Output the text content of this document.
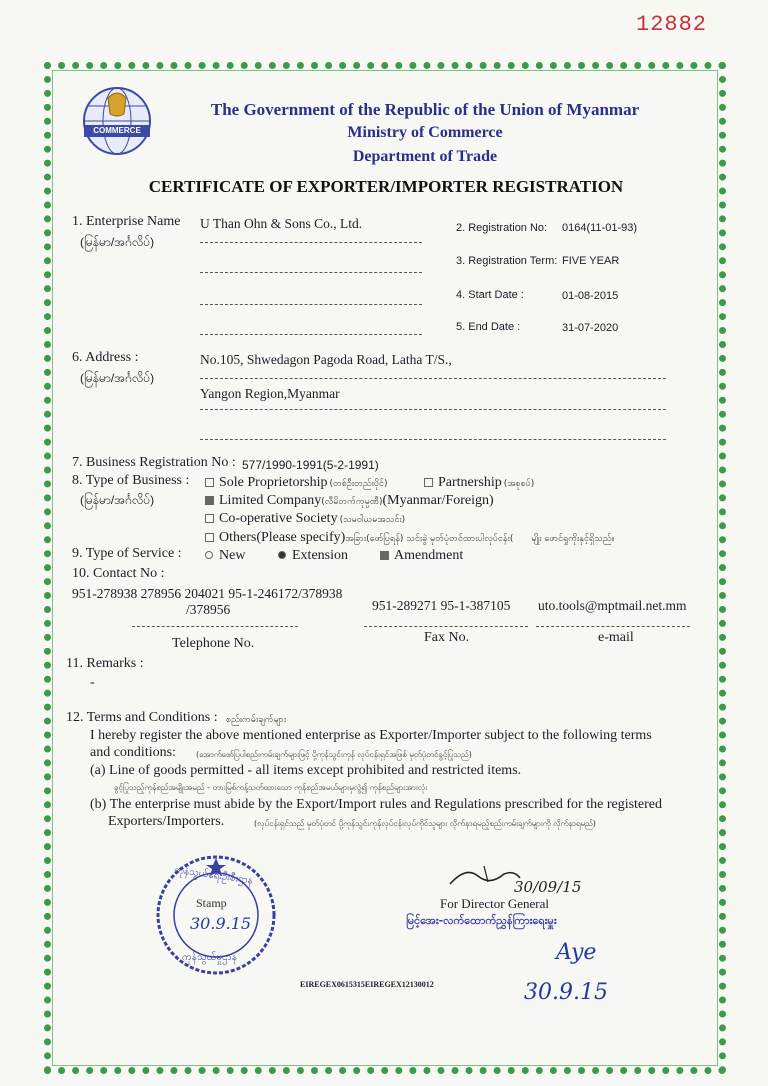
12882
COMMERCE
The Government of the Republic of the Union of Myanmar
Ministry of Commerce
Department of Trade
CERTIFICATE OF EXPORTER/IMPORTER REGISTRATION
1. Enterprise Name
(မြန်မာ/အင်္ဂလိပ်)
U Than Ohn & Sons Co., Ltd.	2. Registration No: 0164(11-01-93)
3. Registration Term: FIVE YEAR
4. Start Date :	01-08-2015
5. End Date :	31-07-2020
6. Address :
(မြန်မာ/အင်္ဂလိပ်)
No.105, Shwedagon Pagoda Road, Latha T/S.,
Yangon Region,Myanmar
7. Business Registration No : 577/1990-1991(5-2-1991)
8. Type of Business :
(မြန်မာ/အင်္ဂလိပ်)
Sole Proprietorship (တစ်ဦးတည်းပိုင်)	Partnership (အစုစပ်)
Limited Company(လီမိတက်ကုမ္ပဏီ)(Myanmar/Foreign)
Co-operative Society (သမဝါယမအသင်း)
Others(Please specify)အခြား(ဖော်ပြရန်) သင်းခွဲ မှတ်ပုံတင်ထားပါလုပ်ငန်း( မျိုး ဖောင်ရှုကိုးနှင့်ရှိသည်။
9. Type of Service :	New	Extension	Amendment
10. Contact No :
951-278938 278956 204021 95-1-246172/378938
/378956	951-289271 95-1-387105 uto.tools@mptmail.net.mm
Telephone No.	Fax No.	e-mail
11. Remarks :
-
12. Terms and Conditions : စည်းကမ်းချက်များ
I hereby register the above mentioned enterprise as Exporter/Importer subject to the following terms
and conditions:	(အောက်ဖော်ပြပါစည်းကမ်းချက်များဖြင့် ပို့ကုန်သွင်းကုန် လုပ်ငန်းရှင်အဖြစ် မှတ်ပုံတင်ခွင့်ပြုသည်)
(a) Line of goods permitted - all items except prohibited and restricted items.
ခွင့်ပြုသည့်ကုန်စည်အမျိုးအမည် - တားမြစ်ကန့်သတ်ထားသော ကုန်စည်အမယ်များမှလွဲ၍ ကုန်စည်များအားလုံး
(b) The enterprise must abide by the Export/Import rules and Regulations prescribed for the registered
Exporters/Importers.	(လုပ်ငန်းရှင်သည် မှတ်ပုံတင် ပို့ကုန်သွင်းကုန်လုပ်ငန်းလုပ်ကိုင်သူများ လိုက်နာရမည့်စည်းကမ်းချက်များကို လိုက်နာရမည်)
ကုန်သွယ်ရေးဦးစီးဌာန
ကုန်သွယ်မှုဌာန
Stamp
30.9.15
EIREGEX0615315EIREGEX12130012
30/09/15
For Director General
မြင့်အေး-လက်ထောက်ညွှန်ကြားရေးမှူး
Aye
30.9.15
